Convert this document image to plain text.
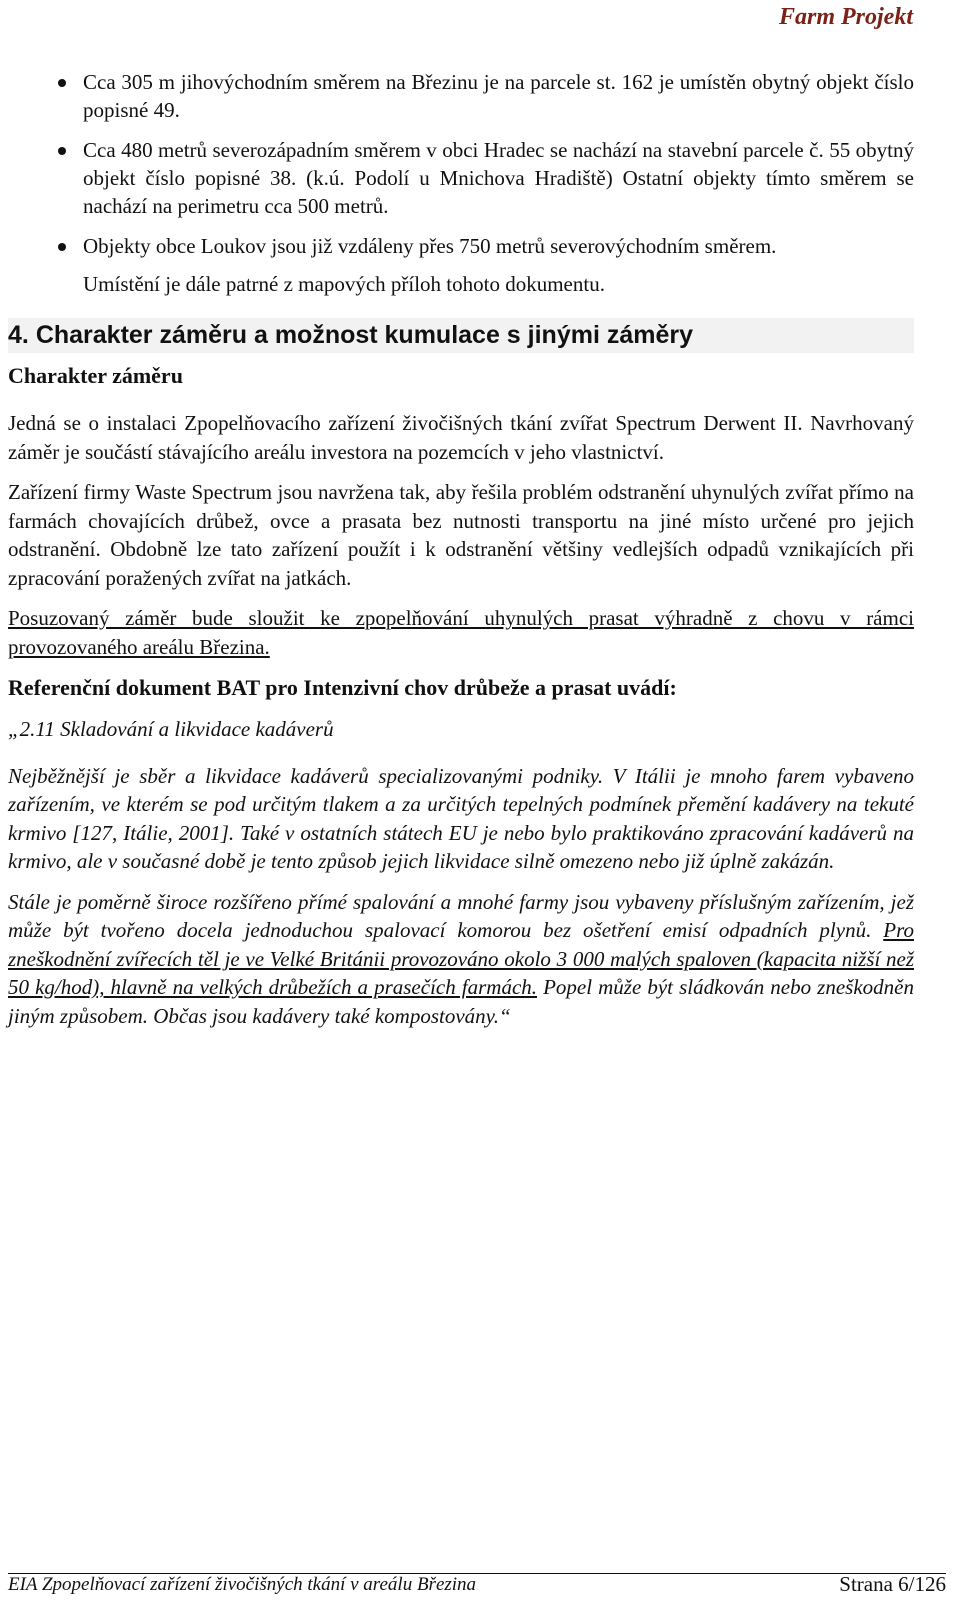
Farm Projekt
Cca 305 m jihovýchodním směrem na Březinu je na parcele st. 162 je umístěn obytný objekt číslo popisné 49.
Cca 480 metrů severozápadním směrem v obci Hradec se nachází na stavební parcele č. 55 obytný objekt číslo popisné 38. (k.ú. Podolí u Mnichova Hradiště) Ostatní objekty tímto směrem se nachází na perimetru cca 500 metrů.
Objekty obce Loukov jsou již vzdáleny přes 750 metrů severovýchodním směrem.
Umístění je dále patrné z mapových příloh tohoto dokumentu.
4. Charakter záměru a možnost kumulace s jinými záměry
Charakter záměru

Jedná se o instalaci Zpopelňovacího zařízení živočišných tkání zvířat Spectrum Derwent II. Navrhovaný záměr je součástí stávajícího areálu investora na pozemcích v jeho vlastnictví.

Zařízení firmy Waste Spectrum jsou navržena tak, aby řešila problém odstranění uhynulých zvířat přímo na farmách chovajících drůbež, ovce a prasata bez nutnosti transportu na jiné místo určené pro jejich odstranění. Obdobně lze tato zařízení použít i k odstranění většiny vedlejších odpadů vznikajících při zpracování poražených zvířat na jatkách.

Posuzovaný záměr bude sloužit ke zpopelňování uhynulých prasat výhradně z chovu v rámci provozovaného areálu Březina.

Referenční dokument BAT pro Intenzivní chov drůbeže a prasat uvádí:

„2.11 Skladování a likvidace kadáverů

Nejběžnější je sběr a likvidace kadáverů specializovanými podniky. V Itálii je mnoho farem vybaveno zařízením, ve kterém se pod určitým tlakem a za určitých tepelných podmínek přemění kadávery na tekuté krmivo [127, Itálie, 2001]. Také v ostatních státech EU je nebo bylo praktikováno zpracování kadáverů na krmivo, ale v současné době je tento způsob jejich likvidace silně omezeno nebo již úplně zakázán.

Stále je poměrně široce rozšířeno přímé spalování a mnohé farmy jsou vybaveny příslušným zařízením, jež může být tvořeno docela jednoduchou spalovací komorou bez ošetření emisí odpadních plynů. Pro zneškodnění zvířecích těl je ve Velké Británii provozováno okolo 3 000 malých spaloven (kapacita nižší než 50 kg/hod), hlavně na velkých drůbežích a prasečích farmách. Popel může být sládkován nebo zneškodněn jiným způsobem. Občas jsou kadávery také kompostovány.“

EIA Zpopelňovací zařízení živočišných tkání v areálu Březina	Strana 6/126
